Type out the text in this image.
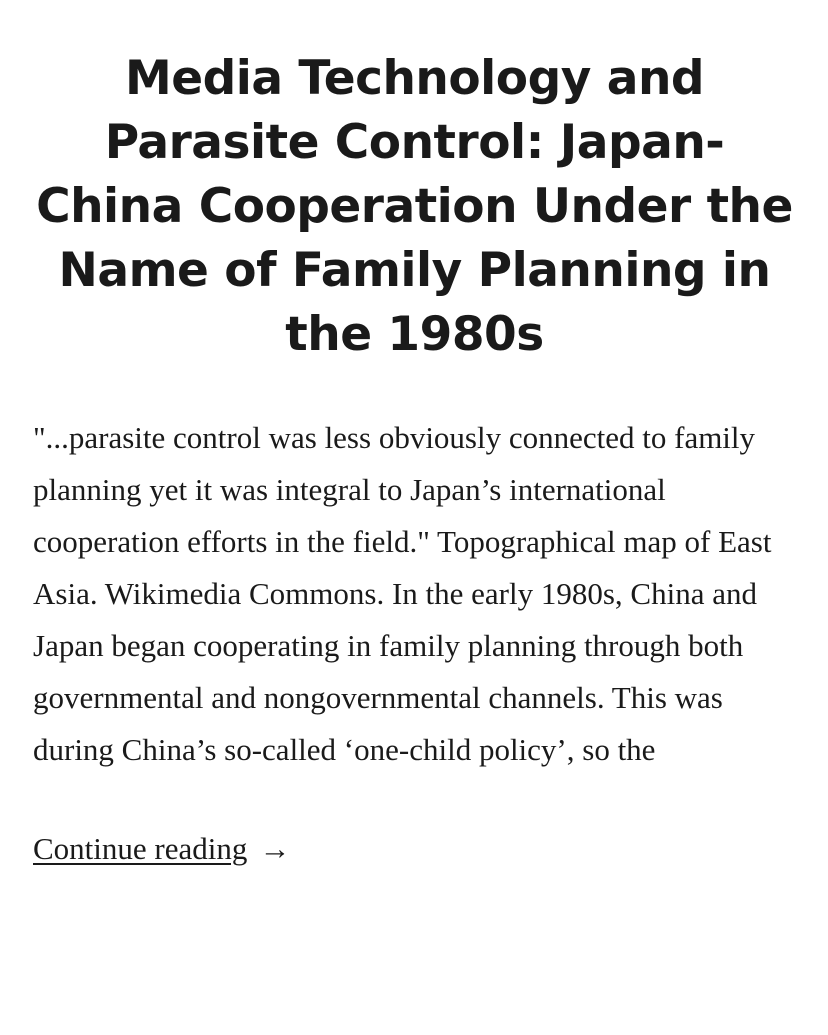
Media Technology and Parasite Control: Japan-China Cooperation Under the Name of Family Planning in the 1980s

"...parasite control was less obviously connected to family planning yet it was integral to Japan’s international cooperation efforts in the field." Topographical map of East Asia. Wikimedia Commons. In the early 1980s, China and Japan began cooperating in family planning through both governmental and nongovernmental channels. This was during China’s so-called ‘one-child policy’, so the

Continue reading →
